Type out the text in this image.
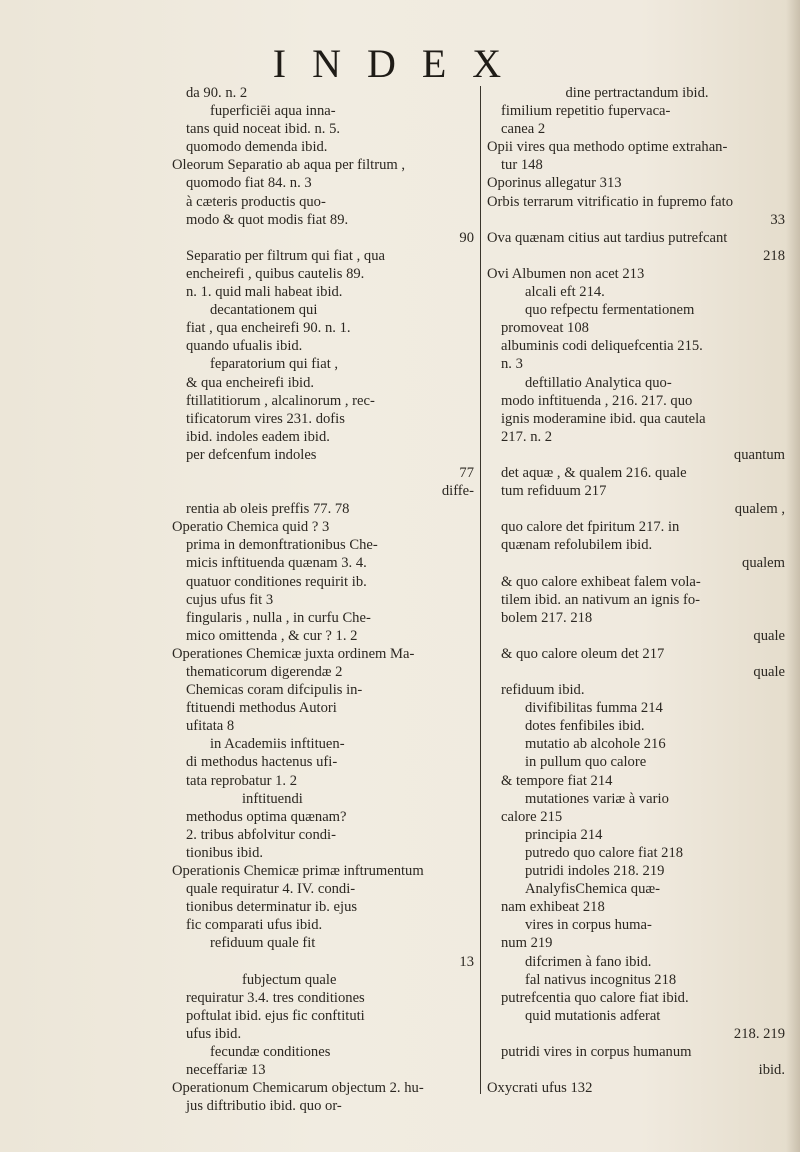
INDEX
da 90. n. 2
fuperficiēi aqua inna-
tans quid noceat ibid. n. 5.
quomodo demenda ibid.
Oleorum Separatio ab aqua per filtrum ,
quomodo fiat 84. n. 3
à cæteris productis quo-
modo & quot modis fiat 89.
90
Separatio per filtrum qui fiat , qua
encheirefi , quibus cautelis 89.
n. 1. quid mali habeat ibid.
decantationem qui
fiat , qua encheirefi 90. n. 1.
quando ufualis ibid.
feparatorium qui fiat ,
& qua encheirefi ibid.
ftillatitiorum , alcalinorum , rec-
tificatorum vires 231. dofis
ibid. indoles eadem ibid.
per defcenfum indoles
77
diffe-
rentia ab oleis preffis 77. 78
Operatio Chemica quid ? 3
prima in demonftrationibus Che-
micis inftituenda quænam 3. 4.
quatuor conditiones requirit ib.
cujus ufus fit 3
fingularis , nulla , in curfu Che-
mico omittenda , & cur ? 1. 2
Operationes Chemicæ juxta ordinem Ma-
thematicorum digerendæ 2
Chemicas coram difcipulis in-
ftituendi methodus Autori
ufitata 8
in Academiis inftituen-
di methodus hactenus ufi-
tata reprobatur 1. 2
inftituendi
methodus optima quænam?
2. tribus abfolvitur condi-
tionibus ibid.
Operationis Chemicæ primæ inftrumentum
quale requiratur 4. IV. condi-
tionibus determinatur ib. ejus
fic comparati ufus ibid.
refiduum quale fit
13
fubjectum quale
requiratur 3.4. tres conditiones
poftulat ibid. ejus fic conftituti
ufus ibid.
fecundæ conditiones
neceffariæ 13
Operationum Chemicarum objectum 2. hu-
jus diftributio ibid. quo or-
dine pertractandum ibid.
fimilium repetitio fupervaca-
canea 2
Opii vires qua methodo optime extrahan-
tur 148
Oporinus allegatur 313
Orbis terrarum vitrificatio in fupremo fato
33
Ova quænam citius aut tardius putrefcant
218
Ovi Albumen non acet 213
alcali eft 214.
quo refpectu fermentationem
promoveat 108
albuminis codi deliquefcentia 215.
n. 3
deftillatio Analytica quo-
modo inftituenda , 216. 217. quo
ignis moderamine ibid. qua cautela
217. n. 2
quantum
det aquæ , & qualem 216. quale
tum refiduum 217
qualem ,
quo calore det fpiritum 217. in
quænam refolubilem ibid.
qualem
& quo calore exhibeat falem vola-
tilem ibid. an nativum an ignis fo-
bolem 217. 218
quale
& quo calore oleum det 217
quale
refiduum ibid.
divifibilitas fumma 214
dotes fenfibiles ibid.
mutatio ab alcohole 216
in pullum quo calore
& tempore fiat 214
mutationes variæ à vario
calore 215
principia 214
putredo quo calore fiat 218
putridi indoles 218. 219
AnalyfisChemica quæ-
nam exhibeat 218
vires in corpus huma-
num 219
difcrimen à fano ibid.
fal nativus incognitus 218
putrefcentia quo calore fiat ibid.
quid mutationis adferat
218. 219
putridi vires in corpus humanum
ibid.
Oxycrati ufus 132
